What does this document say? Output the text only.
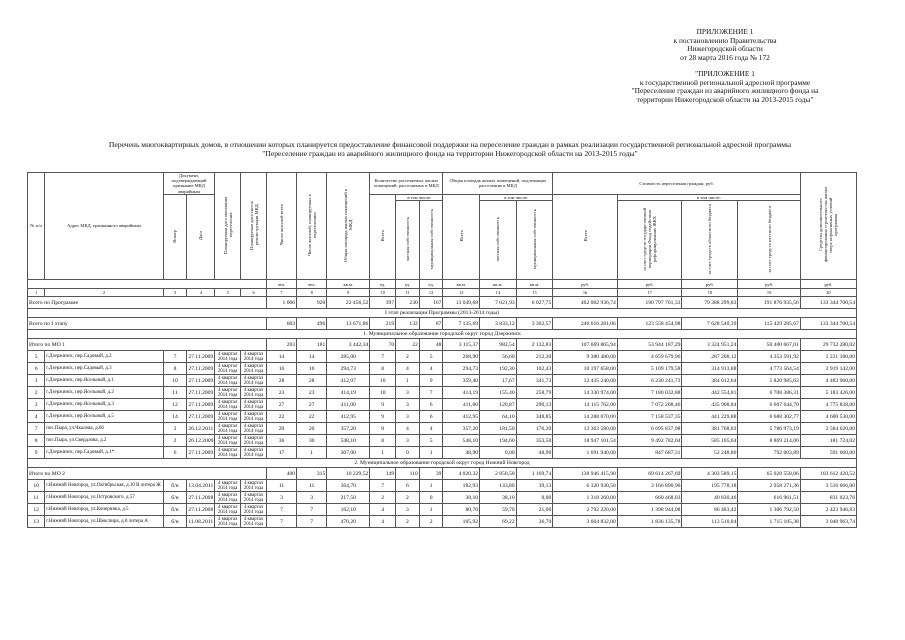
ПРИЛОЖЕНИЕ 1
к постановлению Правительства
Нижегородской области
от 28 марта 2016 года № 172
"ПРИЛОЖЕНИЕ 1
к государственной региональной адресной программе
"Переселение граждан из аварийного жилищного фонда на
территории Нижегородской области на 2013-2015 годы"
Перечень многоквартирных домов, в отношении которых планируется предоставление финансовой поддержки на переселение граждан в рамках реализации государственной региональной адресной программы
"Переселение граждан из аварийного жилищного фонда на территории Нижегородской области на 2013-2015 годы"
№ п/п	Адрес МКД, признанного аварийным	Документ, подтверждающий признание МКД аварийным		Планируемая дата окончания переселения	Планируемая дата сноса/реконструкции МКД	Число жителей всего	Число жителей, планируемых к переселению	Общая площадь жилых помещений в МКД	Количество расселяемых жилых помещений, расселяемых в МКД			Общая площадь жилых помещений, подлежащих расселению в МКД			Стоимость переселения граждан, руб.				Средства дополнительного финансирования строительства жилья сверх нормативных условий программы
		Номер	Дата						Всего	в том числе:		Всего	в том числе:		Всего	в том числе:			
										частная собственность	муниципальная собственность		частная собственность	муниципальная собственность		за счет средств государственной корпорации Фонд содействия реформированию ЖКХ	за счет средств областного бюджета	за счет средств местного бюджета	
						чел.	чел.	кв.м.	ед.	ед.	ед.	кв.м.	кв.м.	кв.м.	руб.	руб.	руб.	руб.	руб.
1	2	3	4	5	6	7	8	9	10	11	12	13	14	15	16	17	18	19	20
Всего по Программе						1 066	920	22 456,52	397	230	167	13 049,68	7 021,93	6 027,75	462 062 936,74	190 797 701,33	79 388 299,83	191 876 935,56	133 344 700,54
I этап реализации Программы (2013-2014 годы)																			
Всего по I этапу						603	496	13 671,86	219	132	87	7 135,69	3 833,12	3 302,57	246 616 281,06	123 558 454,98	7 628 540,39	115 429 285,67	133 344 700,54
1. Муниципальное образование городской округ город Дзержинск																			
Итого по МО 1						203	181	3 442,34	70	22	48	3 115,37	982,54	2 132,83	107 669 865,94	53 944 187,29	3 324 951,24	50 400 667,01	29 732 280,02
5	г.Дзержинск, пер.Садовый, д.2	7	27.11.2009	4 квартал 2014 года	4 квартал 2014 года	14	14	285,00	7	2	5	268,90	56,60	212,30	9 380 480,00	4 659 679,96	287 208,12	4 353 591,92	1 221 180,00
6	г.Дзержинск, пер.Садовый, д.3	8	27.11.2009	4 квартал 2014 года	4 квартал 2014 года	16	16	294,73	8	4	4	294,73	192,30	102,43	10 197 658,00	5 109 179,58	314 913,88	4 773 564,54	3 919 142,00
1	г.Дзержинск, пер.Ясельный, д.1	10	27.11.2009	4 квартал 2014 года	4 квартал 2014 года	28	28	412,07	10	1	9	359,40	17,67	341,73	12 435 240,00	6 230 241,73	384 012,64	5 820 985,63	4 483 960,00
2	г.Дзержинск, пер.Ясельный, д.2	11	27.11.2009	4 квартал 2014 года	4 квартал 2014 года	23	23	414,19	10	3	7	414,19	155,40	258,79	14 330 974,00	7 180 032,88	442 554,81	6 708 386,31	5 183 426,00
3	г.Дзержинск, пер.Ясельный, д.3	12	27.11.2009	4 квартал 2014 года	4 квартал 2014 года	27	27	411,00	9	3	6	411,00	120,87	290,13	14 115 762,00	7 072 208,46	435 908,84	6 607 644,70	4 775 838,00
4	г.Дзержинск, пер.Ясельный, д.5	14	27.11.2009	4 квартал 2014 года	4 квартал 2014 года	22	22	412,95	9	3	6	412,95	64,10	348,85	14 288 070,00	7 158 537,35	441 229,88	6 688 302,77	4 600 530,00
7	пос.Пыра, ул.Чкалова, д.66	2	26.12.2011	4 квартал 2014 года	4 квартал 2014 года	20	20	357,20	8	4	4	357,20	181,50	176,20	13 363 580,00	6 695 837,98	381 768,83	5 786 973,19	2 584 620,00
8	пос.Пыра, ул.Свердлова, д.2	2	26.12.2009	4 квартал 2014 года	4 квартал 2014 года	36	30	548,10	8	3	5	548,10	194,60	353,50	18 947 101,54	9 492 782,04	585 105,64	8 869 214,06	181 724,02
9	г.Дзержинск, пер.Садовый, д.1*	6	27.11.2009	4 квартал 2014 года	4 квартал 2014 года	17	1	307,00	1	0	1	48,90	0,00	48,90	1 691 940,00	847 687,31	52 248,80	792 003,89	591 660,00
2. Муниципальное образование городской округ город Нижний Новгород																			
Итого по МО 2						400	315	10 229,52	149	110	39	4 020,32	2 850,58	1 169,74	138 946 415,90	69 614 267,69	4 303 589,15	65 028 558,06	103 612 420,52
10	г.Нижний Новгород, ул.Октябрьская, д.10 В литера Ж	б/н	13.04.2011	4 квартал 2014 года	4 квартал 2014 года	11	11	364,70	7	6	1	182,93	143,80	39,13	6 320 930,50	3 166 890,96	195 778,18	2 958 271,36	3 516 666,00
11	г.Нижний Новгород, ул.Островского, д.57	б/н	27.11.2008	4 квартал 2014 года	4 квартал 2014 года	3	3	217,50	2	2	0	38,10	38,10	0,00	1 318 260,00	660 468,03	40 830,46	616 961,51	831 023,76
12	г.Нижний Новгород, ул.Коперника, д.5	б/н	27.11.2008	4 квартал 2014 года	4 квартал 2014 года	7	7	162,10	4	3	1	80,70	59,70	21,00	2 792 220,00	1 398 944,08	86 483,42	1 306 792,50	2 423 946,83
13	г.Нижний Новгород, ул.Шекспира, д.8 литера А	б/н	11.08.2011	4 квартал 2014 года	4 квартал 2014 года	7	7	470,20	4	2	2	105,92	69,22	36,70	3 664 832,00	1 836 135,78	113 510,84	1 715 185,38	3 040 963,74
